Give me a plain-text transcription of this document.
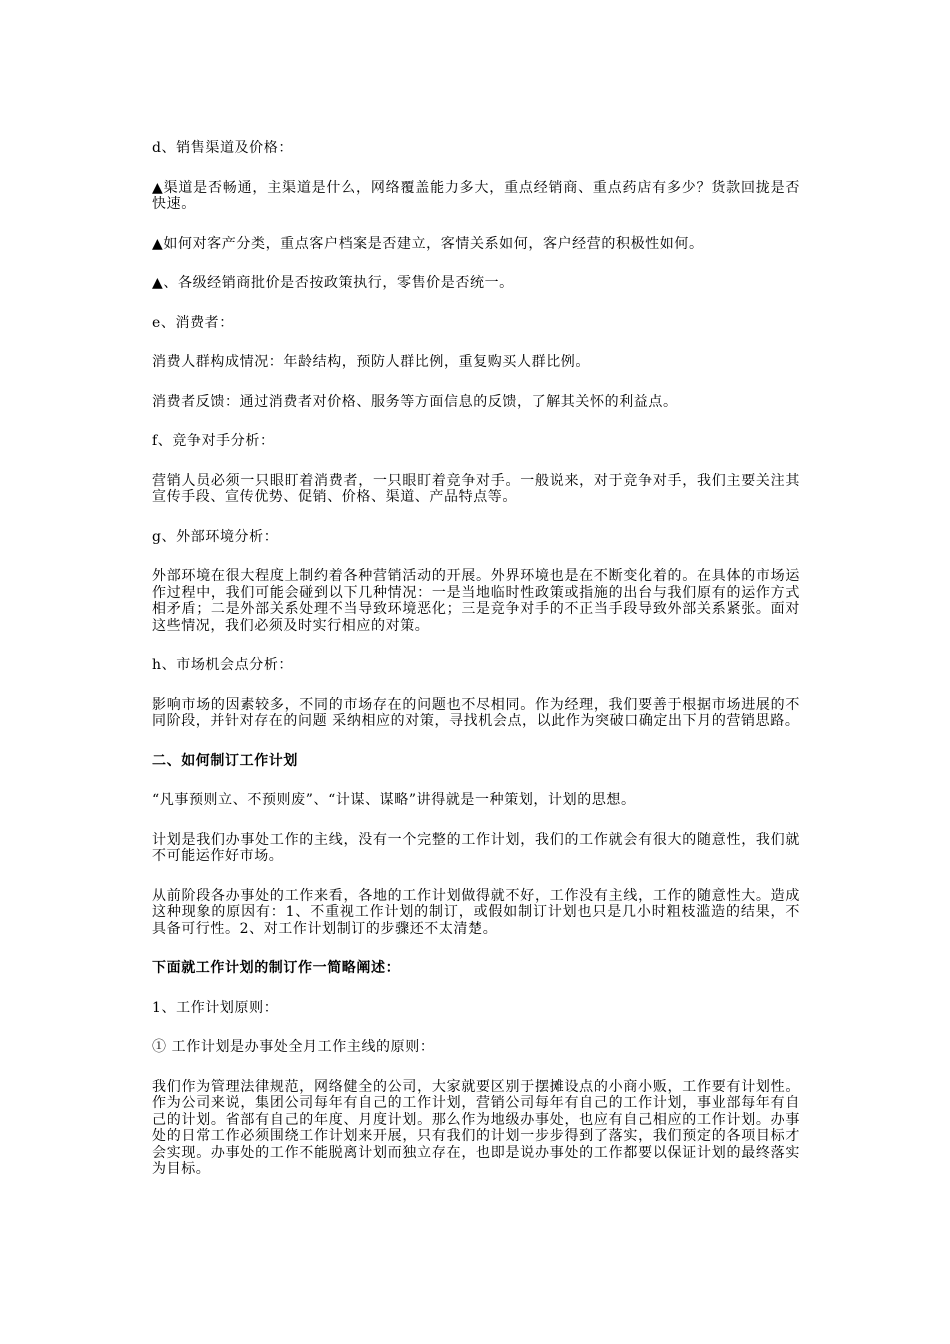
d、销售渠道及价格：
▲渠道是否畅通，主渠道是什么，网络覆盖能力多大，重点经销商、重点药店有多少？货款回拢是否快速。
▲如何对客产分类，重点客户档案是否建立，客情关系如何，客户经营的积极性如何。
▲、各级经销商批价是否按政策执行，零售价是否统一。
e、消费者：
消费人群构成情况：年龄结构，预防人群比例，重复购买人群比例。
消费者反馈：通过消费者对价格、服务等方面信息的反馈，了解其关怀的利益点。
f、竞争对手分析：
营销人员必须一只眼盯着消费者，一只眼盯着竞争对手。一般说来，对于竞争对手，我们主要关注其宣传手段、宣传优势、促销、价格、渠道、产品特点等。
g、外部环境分析：
外部环境在很大程度上制约着各种营销活动的开展。外界环境也是在不断变化着的。在具体的市场运作过程中，我们可能会碰到以下几种情况：一是当地临时性政策或指施的出台与我们原有的运作方式相矛盾；二是外部关系处理不当导致环境恶化；三是竞争对手的不正当手段导致外部关系紧张。面对这些情况，我们必须及时实行相应的对策。
h、市场机会点分析：
影响市场的因素较多，不同的市场存在的问题也不尽相同。作为经理，我们要善于根据市场进展的不同阶段，并针对存在的问题 采纳相应的对策，寻找机会点，以此作为突破口确定出下月的营销思路。
二、如何制订工作计划
“凡事预则立、不预则废”、“计谋、谋略”讲得就是一种策划，计划的思想。
计划是我们办事处工作的主线，没有一个完整的工作计划，我们的工作就会有很大的随意性，我们就不可能运作好市场。
从前阶段各办事处的工作来看，各地的工作计划做得就不好，工作没有主线，工作的随意性大。造成这种现象的原因有：1、不重视工作计划的制订，或假如制订计划也只是几小时粗枝滥造的结果，不具备可行性。2、对工作计划制订的步骤还不太清楚。
下面就工作计划的制订作一简略阐述：
1、工作计划原则：
① 工作计划是办事处全月工作主线的原则：
我们作为管理法律规范，网络健全的公司，大家就要区别于摆摊设点的小商小贩，工作要有计划性。作为公司来说，集团公司每年有自己的工作计划，营销公司每年有自己的工作计划，事业部每年有自己的计划。省部有自己的年度、月度计划。那么作为地级办事处，也应有自己相应的工作计划。办事处的日常工作必须围绕工作计划来开展，只有我们的计划一步步得到了落实，我们预定的各项目标才会实现。办事处的工作不能脱离计划而独立存在，也即是说办事处的工作都要以保证计划的最终落实为目标。
